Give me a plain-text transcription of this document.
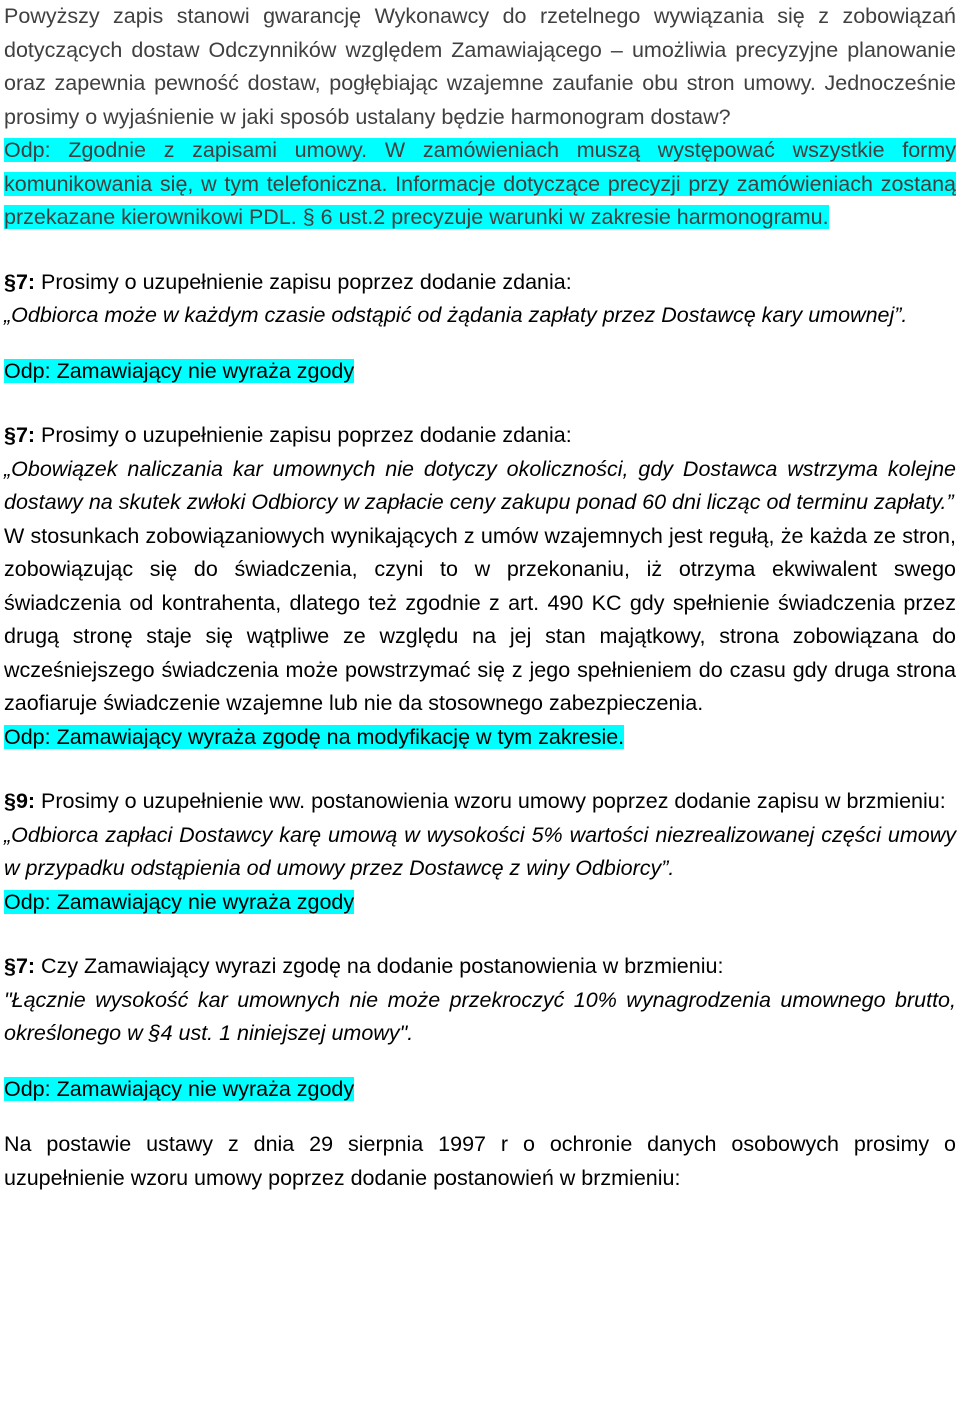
Powyższy zapis stanowi gwarancję Wykonawcy do rzetelnego wywiązania się z zobowiązań dotyczących dostaw Odczynników względem Zamawiającego – umożliwia precyzyjne planowanie oraz zapewnia pewność dostaw, pogłębiając wzajemne zaufanie obu stron umowy. Jednocześnie prosimy o wyjaśnienie w jaki sposób ustalany będzie harmonogram dostaw?

Odp: Zgodnie z zapisami umowy. W zamówieniach muszą występować wszystkie formy komunikowania się, w tym telefoniczna. Informacje dotyczące precyzji przy zamówieniach zostaną przekazane kierownikowi PDL. § 6 ust.2 precyzuje warunki w zakresie harmonogramu.

§7: Prosimy o uzupełnienie zapisu poprzez dodanie zdania:

„Odbiorca może w każdym czasie odstąpić od żądania zapłaty przez Dostawcę kary umownej”.

Odp: Zamawiający nie wyraża zgody

§7: Prosimy o uzupełnienie zapisu poprzez dodanie zdania:

„Obowiązek naliczania kar umownych nie dotyczy okoliczności, gdy Dostawca wstrzyma kolejne dostawy na skutek zwłoki Odbiorcy w zapłacie ceny zakupu ponad 60 dni licząc od terminu zapłaty.”

W stosunkach zobowiązaniowych wynikających z umów wzajemnych jest regułą, że każda ze stron, zobowiązując się do świadczenia, czyni to w przekonaniu, iż otrzyma ekwiwalent swego świadczenia od kontrahenta, dlatego też zgodnie z art. 490 KC gdy spełnienie świadczenia przez drugą stronę staje się wątpliwe ze względu na jej stan majątkowy, strona zobowiązana do wcześniejszego świadczenia może powstrzymać się z jego spełnieniem do czasu gdy druga strona zaofiaruje świadczenie wzajemne lub nie da stosownego zabezpieczenia.

Odp: Zamawiający wyraża zgodę na modyfikację w tym zakresie.

§9: Prosimy o uzupełnienie ww. postanowienia wzoru umowy poprzez dodanie zapisu w brzmieniu:

„Odbiorca zapłaci Dostawcy karę umową w wysokości 5% wartości niezrealizowanej części umowy w przypadku odstąpienia od umowy przez Dostawcę z winy Odbiorcy”.

Odp: Zamawiający nie wyraża zgody

§7: Czy Zamawiający wyrazi zgodę na dodanie postanowienia w brzmieniu:

"Łącznie wysokość kar umownych nie może przekroczyć 10% wynagrodzenia umownego brutto, określonego w §4 ust. 1 niniejszej umowy".

Odp: Zamawiający nie wyraża zgody

Na postawie ustawy z dnia 29 sierpnia 1997 r o ochronie danych osobowych prosimy o uzupełnienie wzoru umowy poprzez dodanie postanowień w brzmieniu:
